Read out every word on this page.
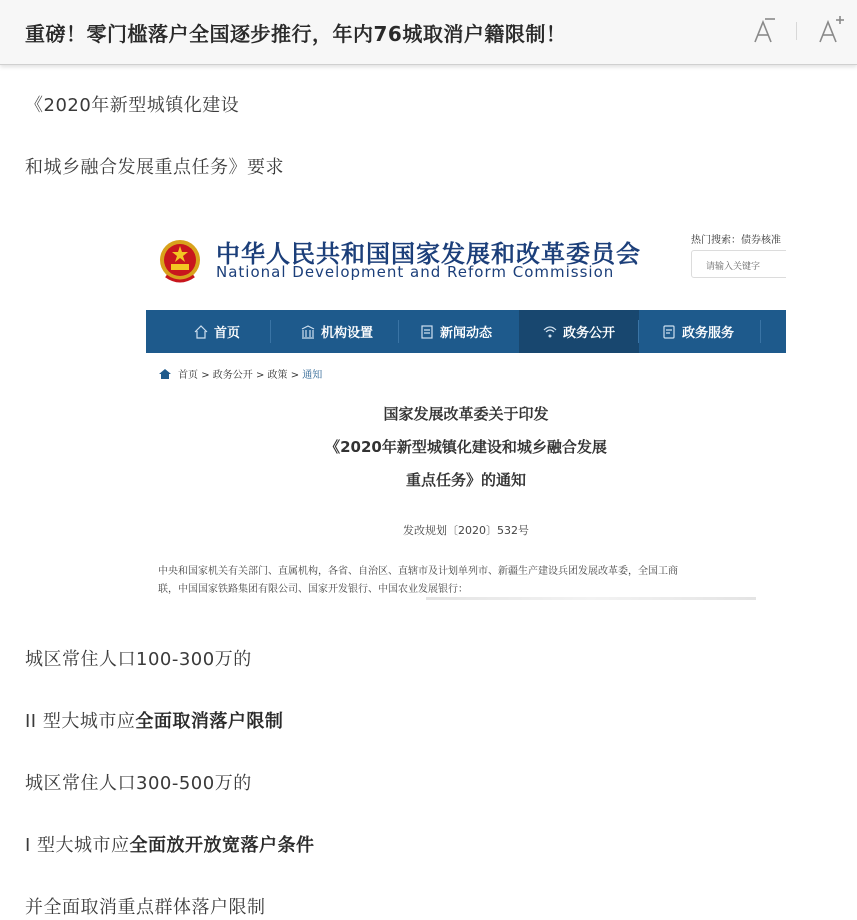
重磅！零门槛落户全国逐步推行，年内76城取消户籍限制！
《2020年新型城镇化建设
和城乡融合发展重点任务》要求
中华人民共和国国家发展和改革委员会
National Development and Reform Commission
热门搜索：债券核准
请输入关键字
首页	机构设置	新闻动态	政务公开	政务服务
首页 > 政务公开 > 政策 > 通知
国家发展改革委关于印发
《2020年新型城镇化建设和城乡融合发展
重点任务》的通知
发改规划〔2020〕532号
中央和国家机关有关部门、直属机构，各省、自治区、直辖市及计划单列市、新疆生产建设兵团发展改革委，全国工商
联，中国国家铁路集团有限公司、国家开发银行、中国农业发展银行：
城区常住人口100-300万的
II 型大城市应全面取消落户限制
城区常住人口300-500万的
I 型大城市应全面放开放宽落户条件
并全面取消重点群体落户限制
